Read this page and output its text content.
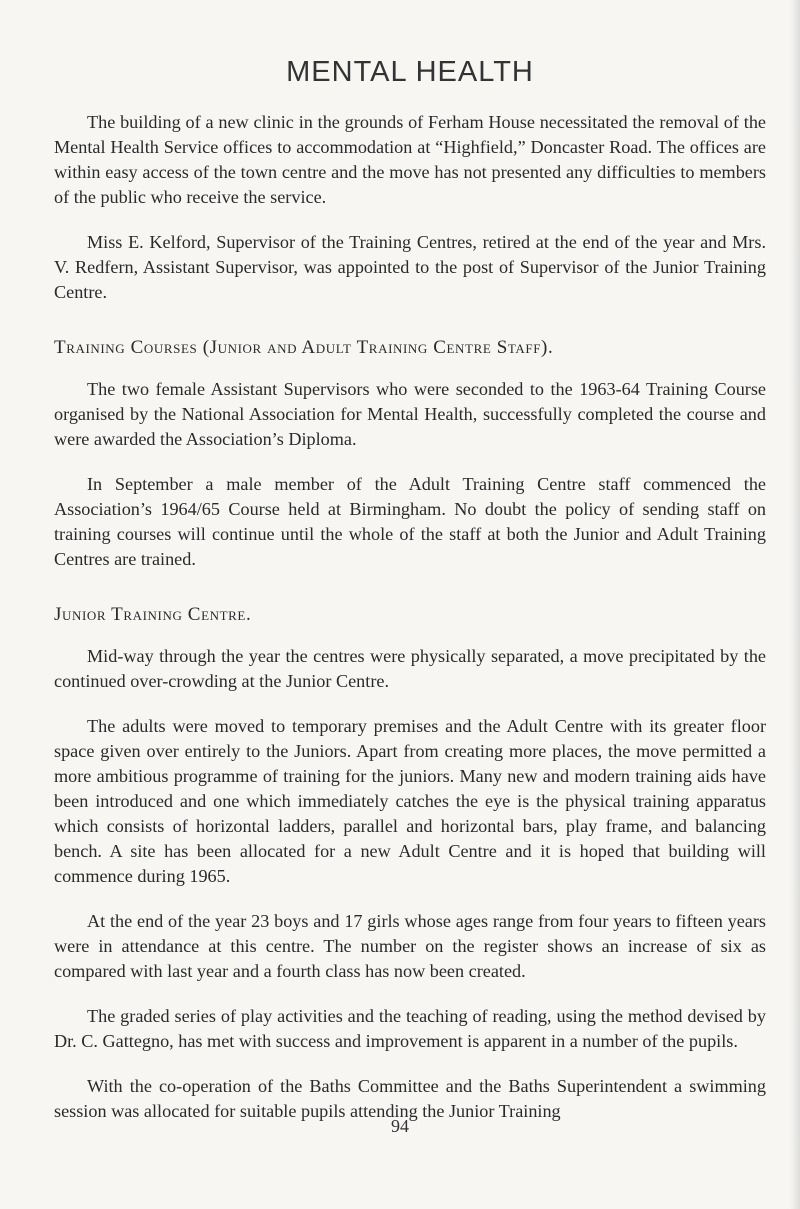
MENTAL HEALTH

The building of a new clinic in the grounds of Ferham House necessitated the removal of the Mental Health Service offices to accommodation at “Highfield,” Doncaster Road. The offices are within easy access of the town centre and the move has not presented any difficulties to members of the public who receive the service.

Miss E. Kelford, Supervisor of the Training Centres, retired at the end of the year and Mrs. V. Redfern, Assistant Supervisor, was appointed to the post of Supervisor of the Junior Training Centre.

Training Courses (Junior and Adult Training Centre Staff).

The two female Assistant Supervisors who were seconded to the 1963-64 Training Course organised by the National Association for Mental Health, successfully completed the course and were awarded the Association’s Diploma.

In September a male member of the Adult Training Centre staff commenced the Association’s 1964/65 Course held at Birmingham. No doubt the policy of sending staff on training courses will continue until the whole of the staff at both the Junior and Adult Training Centres are trained.

Junior Training Centre.

Mid-way through the year the centres were physically separated, a move precipitated by the continued over-crowding at the Junior Centre.

The adults were moved to temporary premises and the Adult Centre with its greater floor space given over entirely to the Juniors. Apart from creating more places, the move permitted a more ambitious programme of training for the juniors. Many new and modern training aids have been introduced and one which immediately catches the eye is the physical training apparatus which consists of horizontal ladders, parallel and horizontal bars, play frame, and balancing bench. A site has been allocated for a new Adult Centre and it is hoped that building will commence during 1965.

At the end of the year 23 boys and 17 girls whose ages range from four years to fifteen years were in attendance at this centre. The number on the register shows an increase of six as compared with last year and a fourth class has now been created.

The graded series of play activities and the teaching of reading, using the method devised by Dr. C. Gattegno, has met with success and improvement is apparent in a number of the pupils.

With the co-operation of the Baths Committee and the Baths Superintendent a swimming session was allocated for suitable pupils attending the Junior Training

94
